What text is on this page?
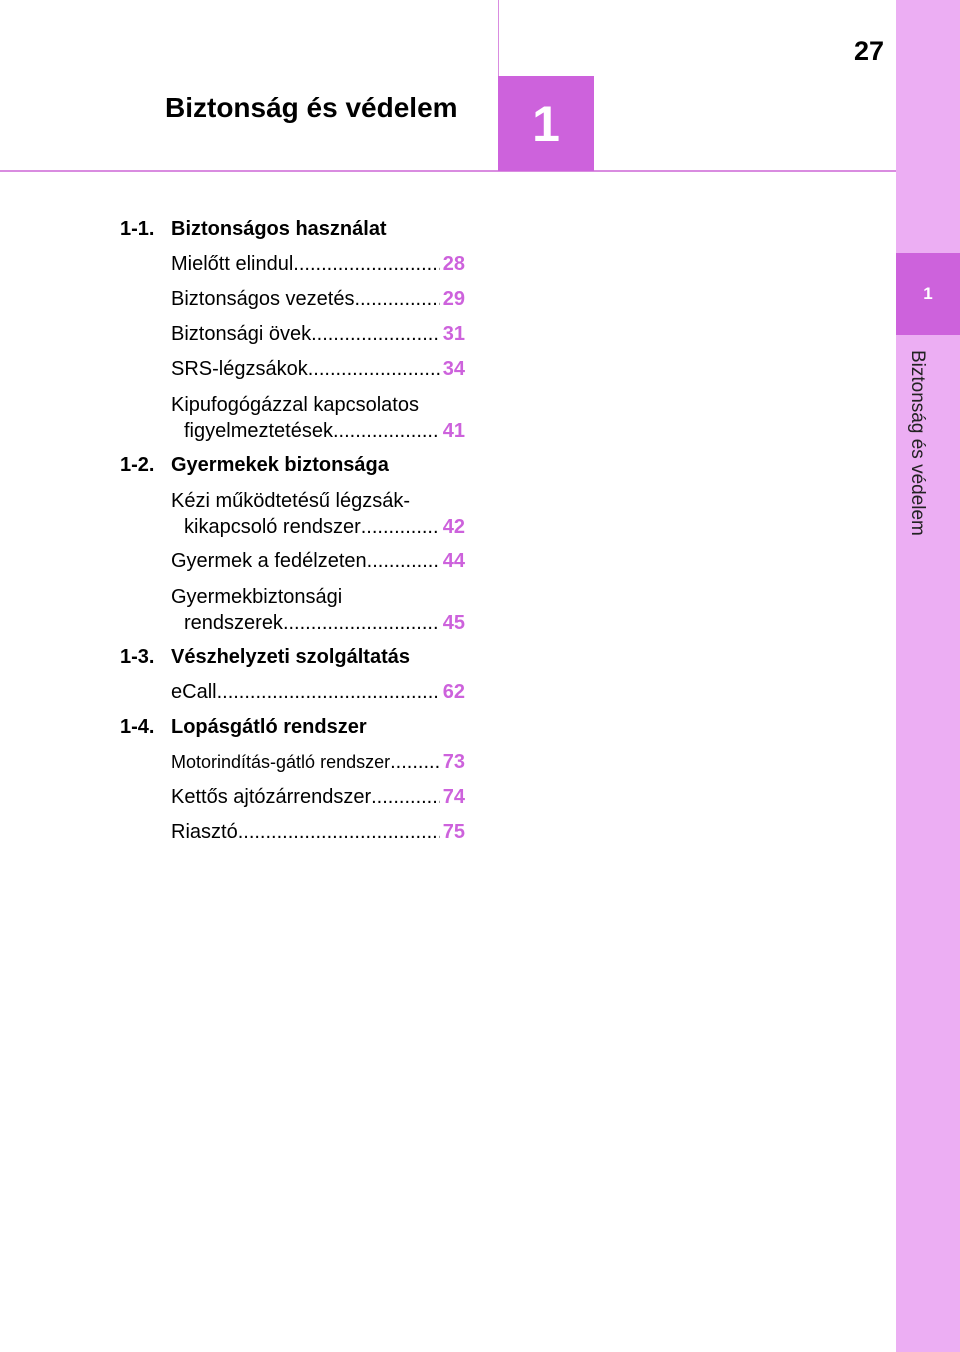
Biztonság és védelem 1
27
1
Biztonság és védelem
1-1. Biztonságos használat
Mielőtt elindul .....	28
Biztonságos vezetés .....	29
Biztonsági övek .....	31
SRS-légzsákok .....	34
Kipufogógázzal kapcsolatos
figyelmeztetések .....	41
1-2. Gyermekek biztonsága
Kézi működtetésű légzsák-
kikapcsoló rendszer .....	42
Gyermek a fedélzeten .....	44
Gyermekbiztonsági
rendszerek .....	45
1-3. Vészhelyzeti szolgáltatás
eCall .....	62
1-4. Lopásgátló rendszer
Motorindítás-gátló rendszer .....	73
Kettős ajtózárrendszer .....	74
Riasztó .....	75
